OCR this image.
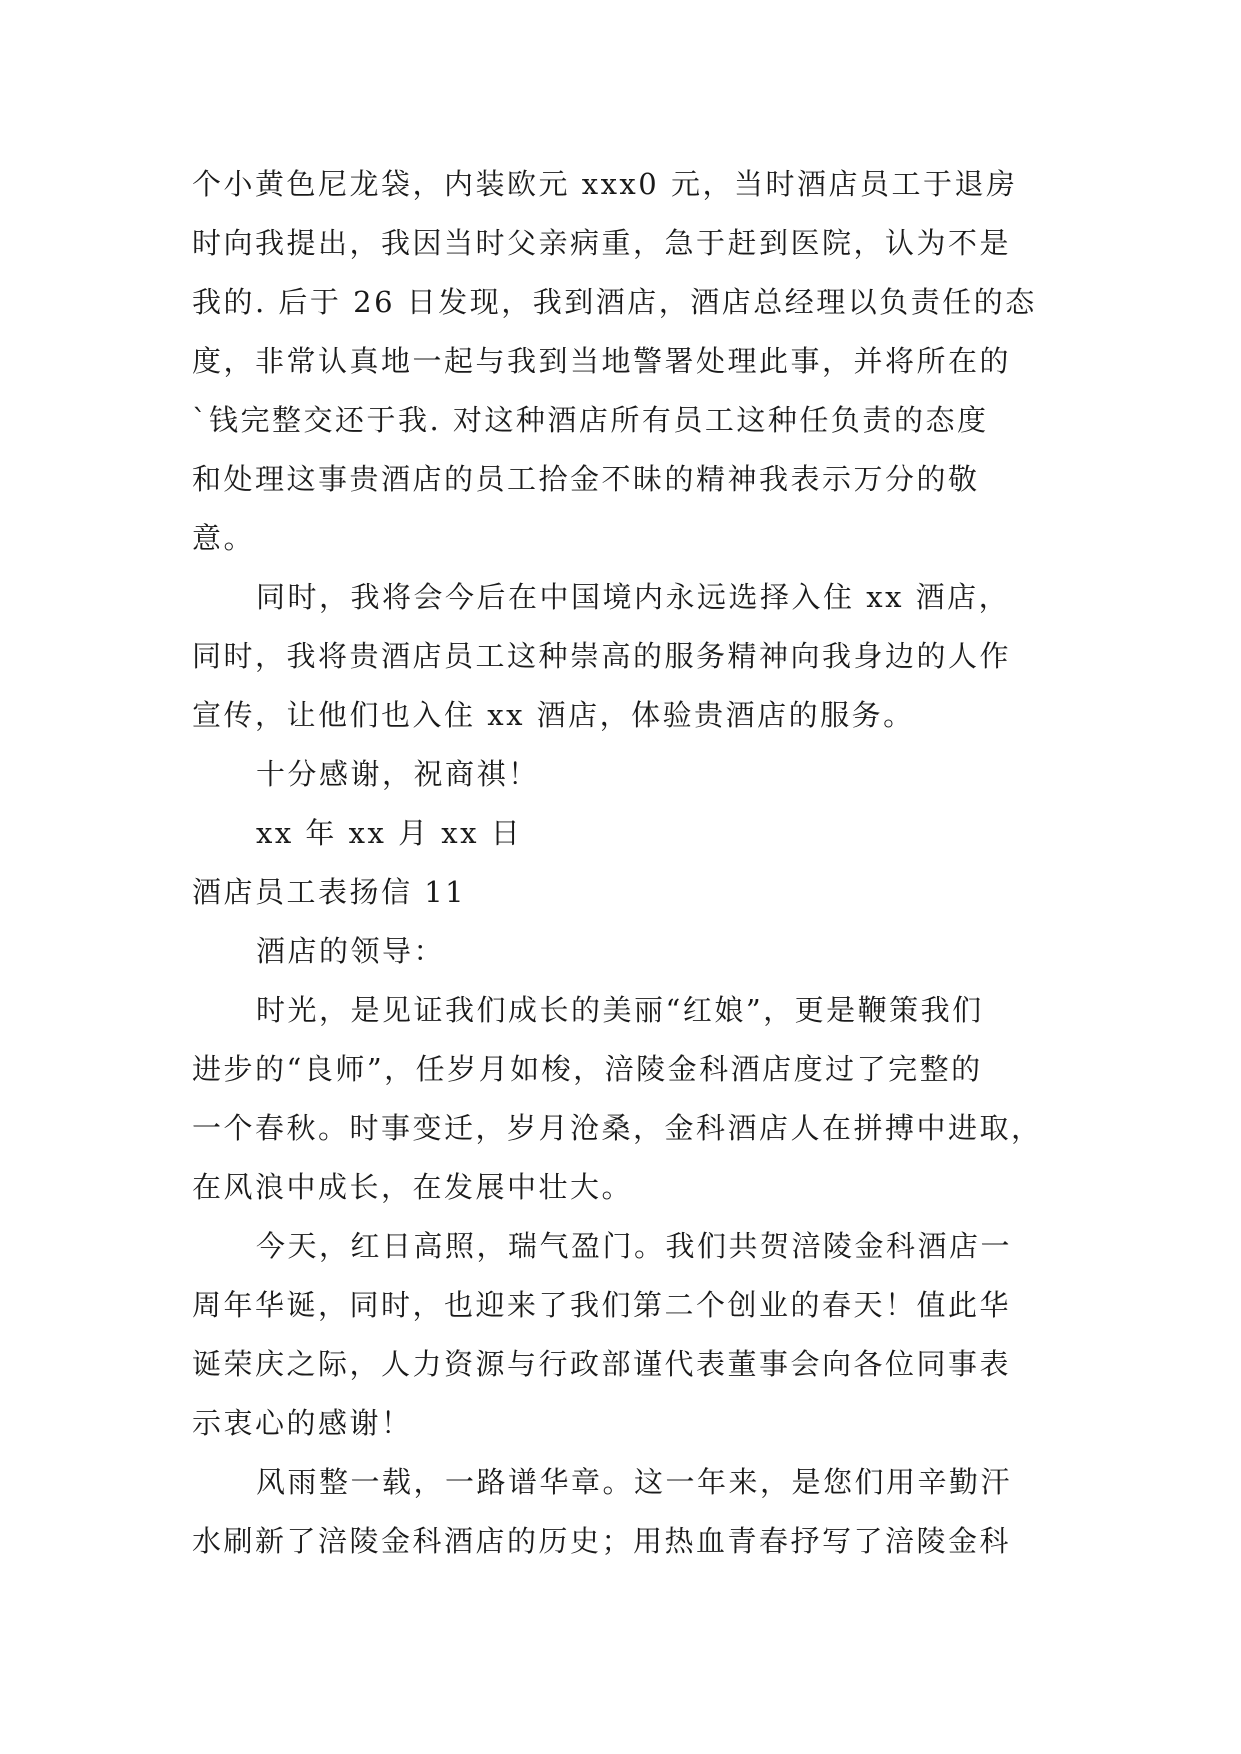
个小黄色尼龙袋，内装欧元 xxx0 元，当时酒店员工于退房
时向我提出，我因当时父亲病重，急于赶到医院，认为不是
我的. 后于 26 日发现，我到酒店，酒店总经理以负责任的态
度，非常认真地一起与我到当地警署处理此事，并将所在的
`钱完整交还于我. 对这种酒店所有员工这种任负责的态度
和处理这事贵酒店的员工拾金不昧的精神我表示万分的敬
意。
同时，我将会今后在中国境内永远选择入住 xx 酒店，
同时，我将贵酒店员工这种崇高的服务精神向我身边的人作
宣传，让他们也入住 xx 酒店，体验贵酒店的服务。
十分感谢，祝商祺！
xx 年 xx 月 xx 日
酒店员工表扬信 11
酒店的领导：
时光，是见证我们成长的美丽“红娘”，更是鞭策我们
进步的“良师”，任岁月如梭，涪陵金科酒店度过了完整的
一个春秋。时事变迁，岁月沧桑，金科酒店人在拼搏中进取，
在风浪中成长，在发展中壮大。
今天，红日高照，瑞气盈门。我们共贺涪陵金科酒店一
周年华诞，同时，也迎来了我们第二个创业的春天！值此华
诞荣庆之际，人力资源与行政部谨代表董事会向各位同事表
示衷心的感谢！
风雨整一载，一路谱华章。这一年来，是您们用辛勤汗
水刷新了涪陵金科酒店的历史；用热血青春抒写了涪陵金科
